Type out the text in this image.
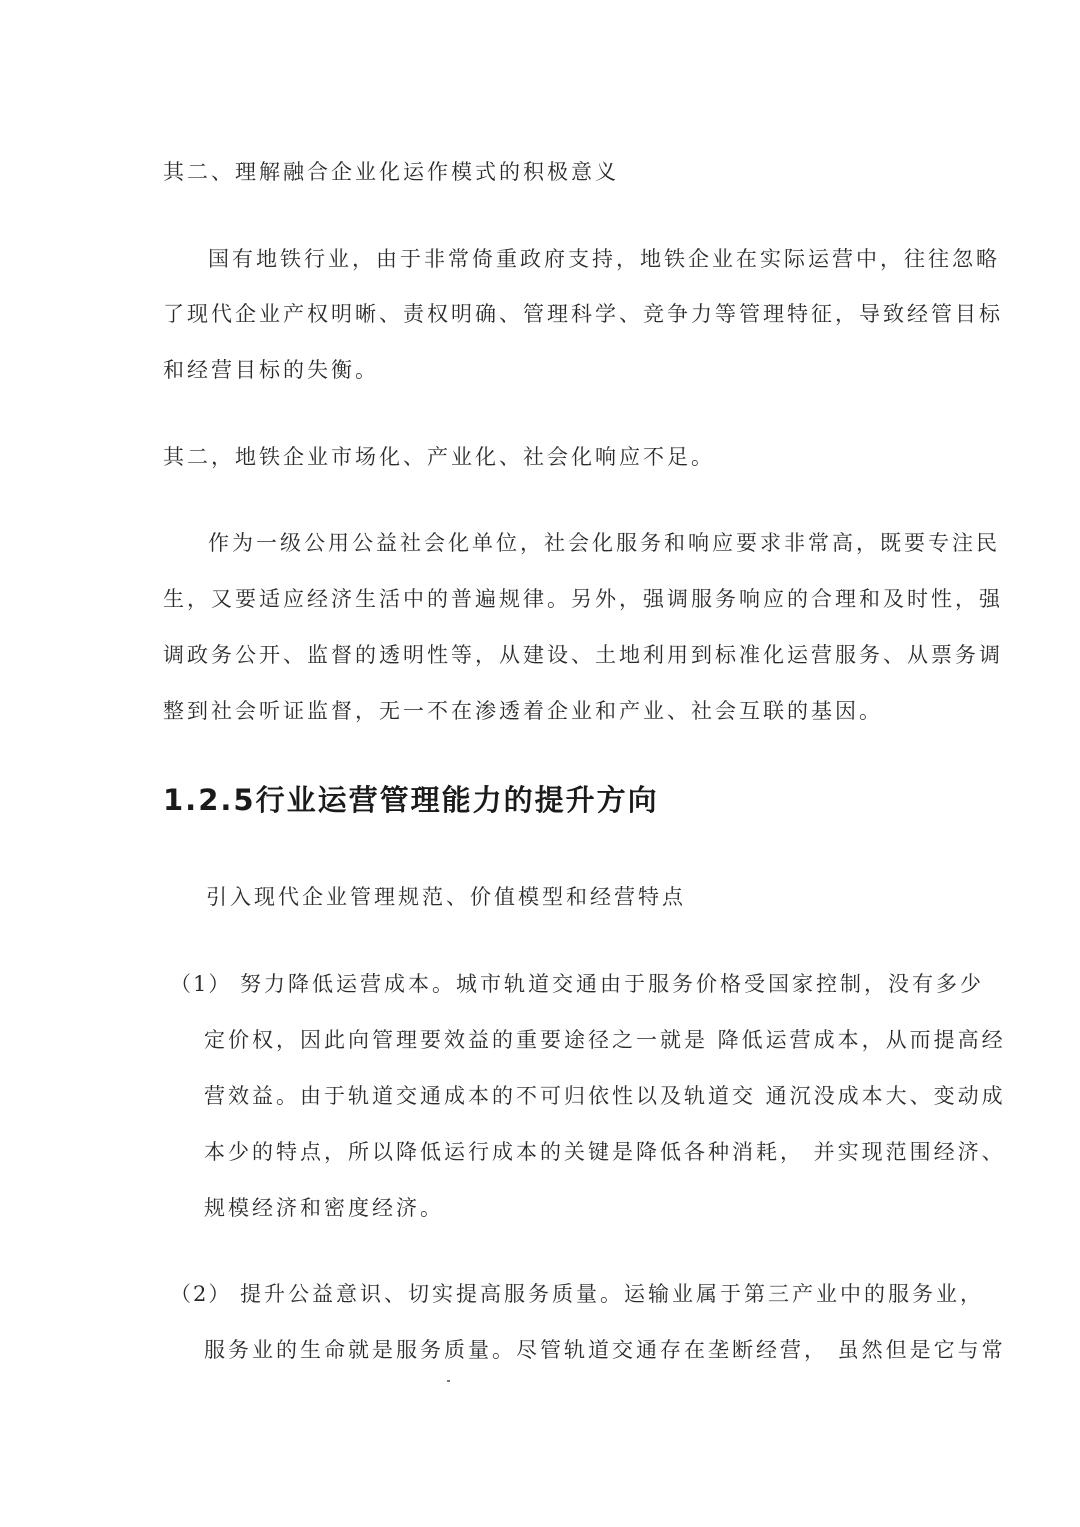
其二、理解融合企业化运作模式的积极意义
国有地铁行业，由于非常倚重政府支持，地铁企业在实际运营中，往往忽略
了现代企业产权明晰、责权明确、管理科学、竞争力等管理特征，导致经管目标
和经营目标的失衡。
其二，地铁企业市场化、产业化、社会化响应不足。
作为一级公用公益社会化单位，社会化服务和响应要求非常高，既要专注民
生，又要适应经济生活中的普遍规律。另外，强调服务响应的合理和及时性，强
调政务公开、监督的透明性等，从建设、土地利用到标准化运营服务、从票务调
整到社会听证监督，无一不在渗透着企业和产业、社会互联的基因。
1.2.5行业运营管理能力的提升方向
引入现代企业管理规范、价值模型和经营特点
（1） 努力降低运营成本。城市轨道交通由于服务价格受国家控制，没有多少
定价权，因此向管理要效益的重要途径之一就是 降低运营成本，从而提高经
营效益。由于轨道交通成本的不可归依性以及轨道交 通沉没成本大、变动成
本少的特点，所以降低运行成本的关键是降低各种消耗， 并实现范围经济、
规模经济和密度经济。
（2） 提升公益意识、切实提高服务质量。运输业属于第三产业中的服务业，
服务业的生命就是服务质量。尽管轨道交通存在垄断经营， 虽然但是它与常
